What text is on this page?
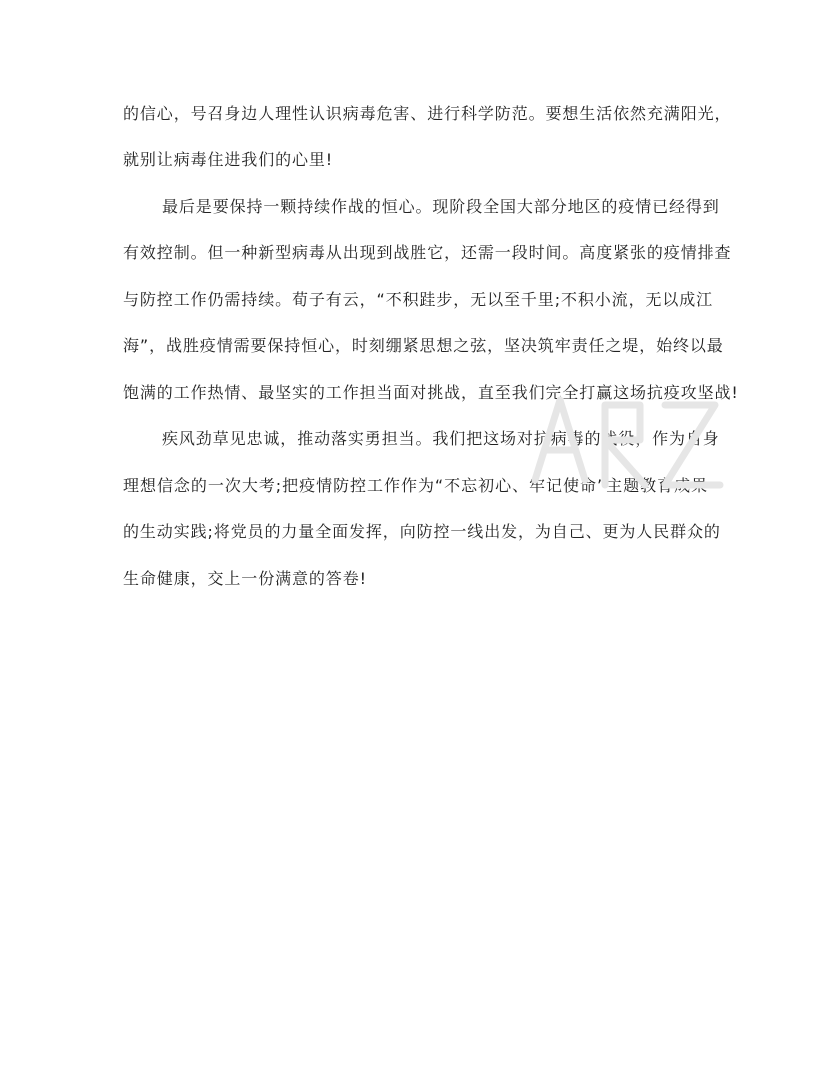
的信心，号召身边人理性认识病毒危害、进行科学防范。要想生活依然充满阳光，
就别让病毒住进我们的心里!
最后是要保持一颗持续作战的恒心。现阶段全国大部分地区的疫情已经得到
有效控制。但一种新型病毒从出现到战胜它，还需一段时间。高度紧张的疫情排查
与防控工作仍需持续。荀子有云，“不积跬步，无以至千里;不积小流，无以成江
海”，战胜疫情需要保持恒心，时刻绷紧思想之弦，坚决筑牢责任之堤，始终以最
饱满的工作热情、最坚实的工作担当面对挑战，直至我们完全打赢这场抗疫攻坚战!
疾风劲草见忠诚，推动落实勇担当。我们把这场对抗病毒的战役，作为自身
理想信念的一次大考;把疫情防控工作作为“不忘初心、牢记使命”主题教育成果
的生动实践;将党员的力量全面发挥，向防控一线出发，为自己、更为人民群众的
生命健康，交上一份满意的答卷!
